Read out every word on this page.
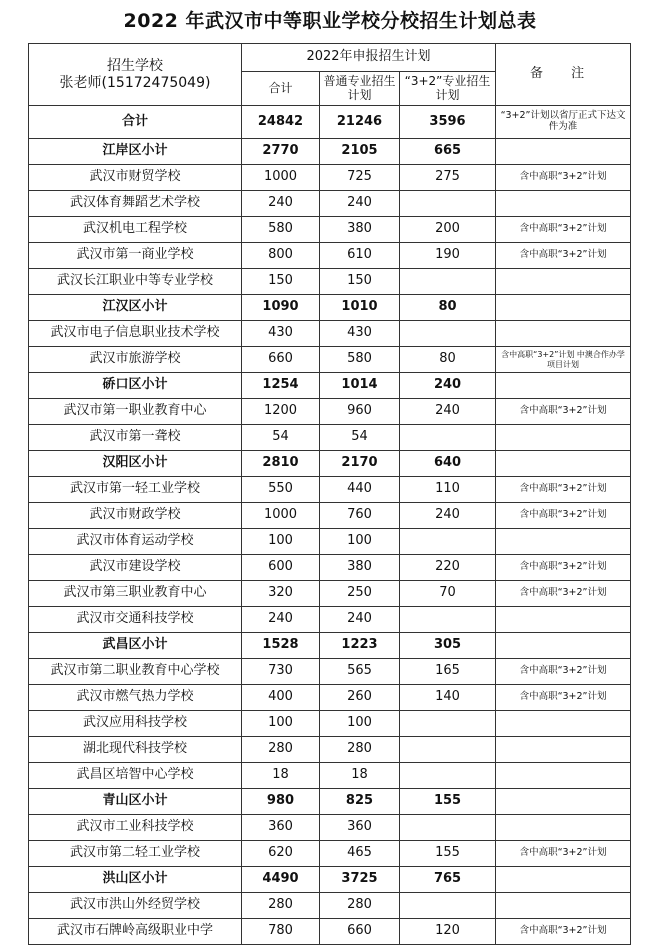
2022 年武汉市中等职业学校分校招生计划总表
招生学校
张老师(15172475049)	2022年申报招生计划			备 注
	合计	普通专业招生计划	“3+2”专业招生计划	
合计	24842	21246	3596	“3+2”计划以省厅正式下达文件为准
江岸区小计	2770	2105	665	
武汉市财贸学校	1000	725	275	含中高职“3+2”计划
武汉体育舞蹈艺术学校	240	240		
武汉机电工程学校	580	380	200	含中高职“3+2”计划
武汉市第一商业学校	800	610	190	含中高职“3+2”计划
武汉长江职业中等专业学校	150	150		
江汉区小计	1090	1010	80	
武汉市电子信息职业技术学校	430	430		
武汉市旅游学校	660	580	80	含中高职“3+2”计划 中澳合作办学项目计划
硚口区小计	1254	1014	240	
武汉市第一职业教育中心	1200	960	240	含中高职“3+2”计划
武汉市第一聋校	54	54		
汉阳区小计	2810	2170	640	
武汉市第一轻工业学校	550	440	110	含中高职“3+2”计划
武汉市财政学校	1000	760	240	含中高职“3+2”计划
武汉市体育运动学校	100	100		
武汉市建设学校	600	380	220	含中高职“3+2”计划
武汉市第三职业教育中心	320	250	70	含中高职“3+2”计划
武汉市交通科技学校	240	240		
武昌区小计	1528	1223	305	
武汉市第二职业教育中心学校	730	565	165	含中高职“3+2”计划
武汉市燃气热力学校	400	260	140	含中高职“3+2”计划
武汉应用科技学校	100	100		
湖北现代科技学校	280	280		
武昌区培智中心学校	18	18		
青山区小计	980	825	155	
武汉市工业科技学校	360	360		
武汉市第二轻工业学校	620	465	155	含中高职“3+2”计划
洪山区小计	4490	3725	765	
武汉市洪山外经贸学校	280	280		
武汉市石牌岭高级职业中学	780	660	120	含中高职“3+2”计划
